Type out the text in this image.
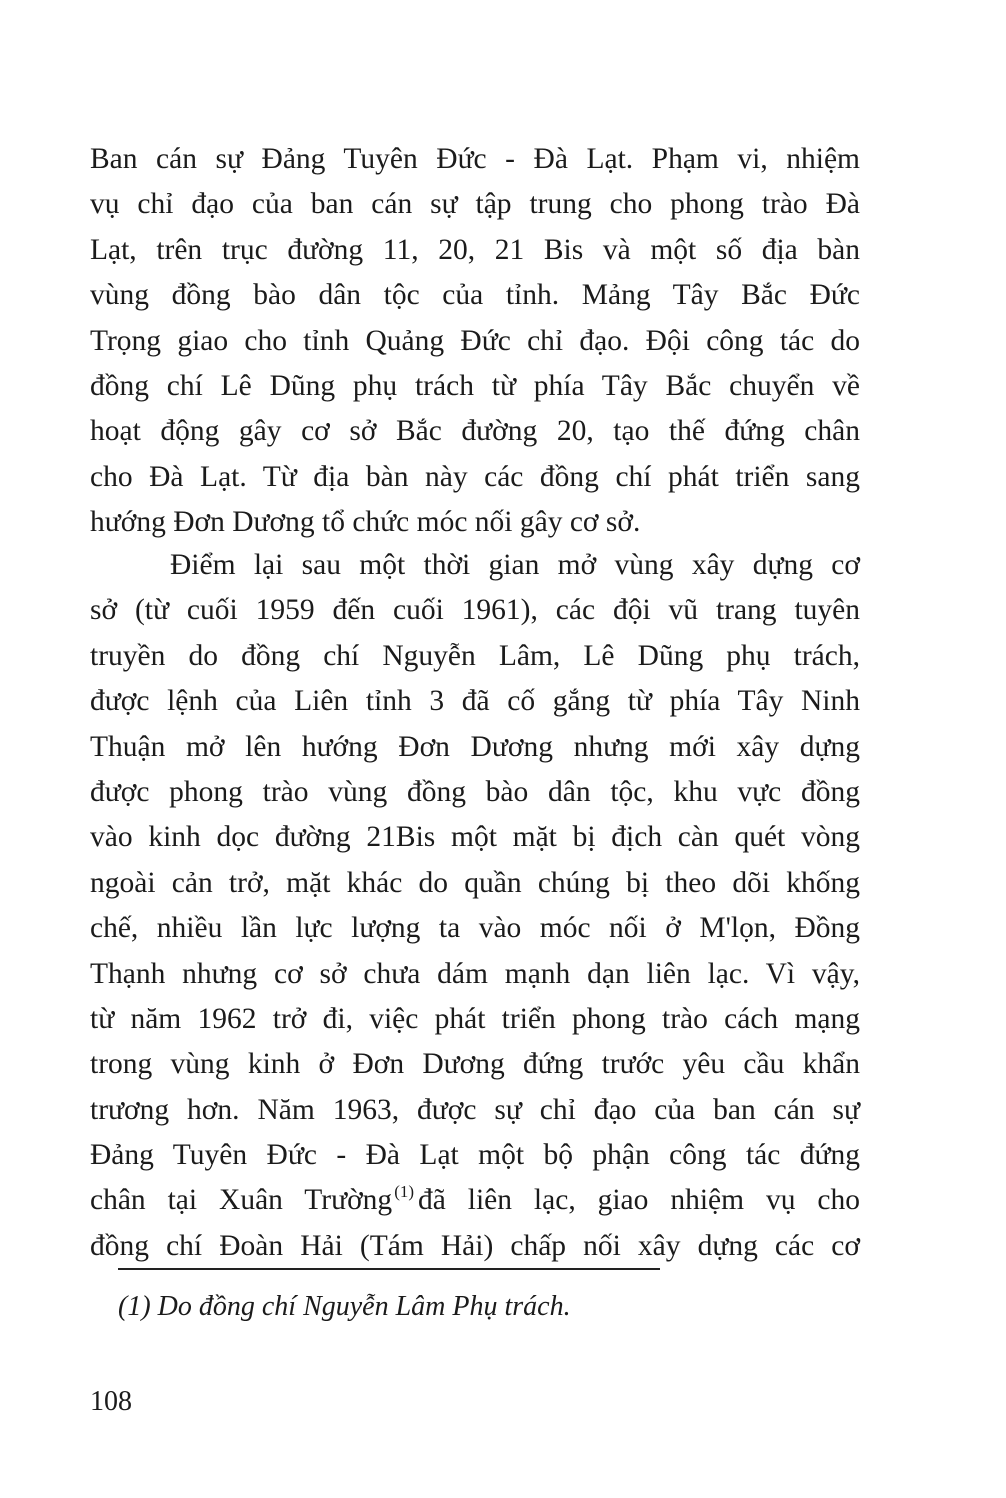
Ban cán sự Đảng Tuyên Đức - Đà Lạt. Phạm vi, nhiệm
vụ chỉ đạo của ban cán sự tập trung cho phong trào Đà
Lạt, trên trục đường 11, 20, 21 Bis và một số địa bàn
vùng đồng bào dân tộc của tỉnh. Mảng Tây Bắc Đức
Trọng giao cho tỉnh Quảng Đức chỉ đạo. Đội công tác do
đồng chí Lê Dũng phụ trách từ phía Tây Bắc chuyển về
hoạt động gây cơ sở Bắc đường 20, tạo thế đứng chân
cho Đà Lạt. Từ địa bàn này các đồng chí phát triển sang
hướng Đơn Dương tổ chức móc nối gây cơ sở.
Điểm lại sau một thời gian mở vùng xây dựng cơ
sở (từ cuối 1959 đến cuối 1961), các đội vũ trang tuyên
truyền do đồng chí Nguyễn Lâm, Lê Dũng phụ trách,
được lệnh của Liên tỉnh 3 đã cố gắng từ phía Tây Ninh
Thuận mở lên hướng Đơn Dương nhưng mới xây dựng
được phong trào vùng đồng bào dân tộc, khu vực đồng
vào kinh dọc đường 21Bis một mặt bị địch càn quét vòng
ngoài cản trở, mặt khác do quần chúng bị theo dõi khống
chế, nhiều lần lực lượng ta vào móc nối ở M'lọn, Đồng
Thạnh nhưng cơ sở chưa dám mạnh dạn liên lạc. Vì vậy,
từ năm 1962 trở đi, việc phát triển phong trào cách mạng
trong vùng kinh ở Đơn Dương đứng trước yêu cầu khẩn
trương hơn. Năm 1963, được sự chỉ đạo của ban cán sự
Đảng Tuyên Đức - Đà Lạt một bộ phận công tác đứng
chân tại Xuân Trường $^{(1)}$ đã liên lạc, giao nhiệm vụ cho
đồng chí Đoàn Hải (Tám Hải) chấp nối xây dựng các cơ
(1) Do đồng chí Nguyễn Lâm Phụ trách.
108
